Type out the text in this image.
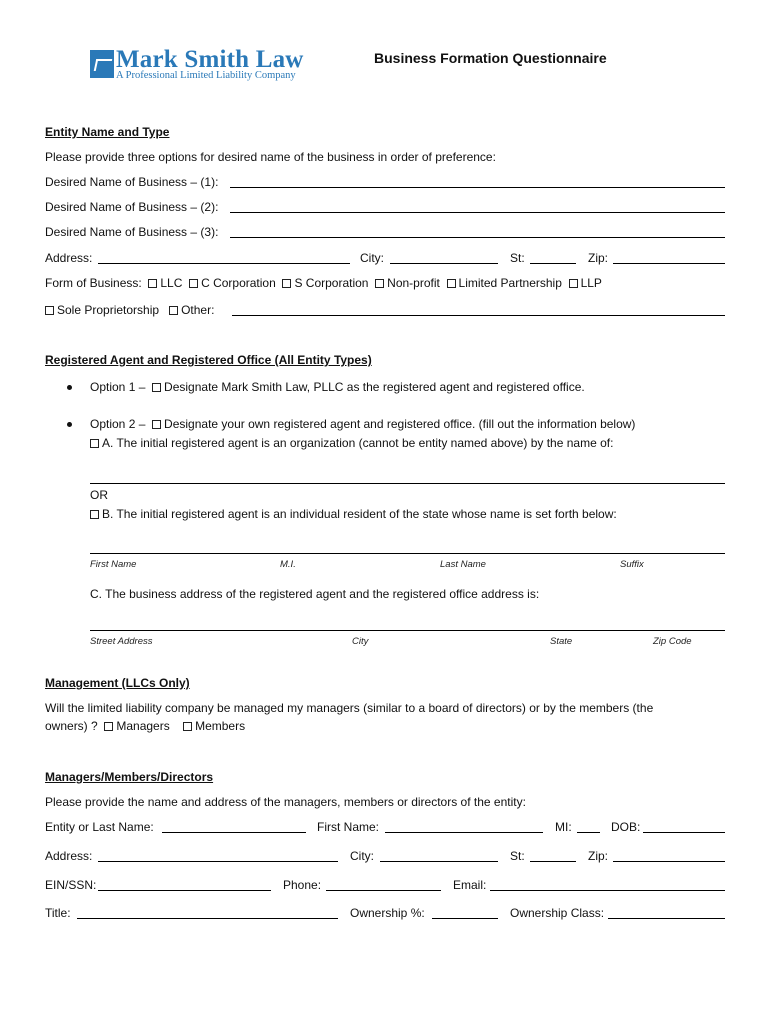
Mark Smith Law
A Professional Limited Liability Company
Business Formation Questionnaire
Entity Name and Type
Please provide three options for desired name of the business in order of preference:
Desired Name of Business – (1):
Desired Name of Business – (2):
Desired Name of Business – (3):
Address:	City:	St:	Zip:
Form of Business: LLC C Corporation S Corporation Non-profit Limited Partnership LLP
Sole Proprietorship Other:
Registered Agent and Registered Office (All Entity Types)
Option 1 – Designate Mark Smith Law, PLLC as the registered agent and registered office.
Option 2 – Designate your own registered agent and registered office. (fill out the information below)
A. The initial registered agent is an organization (cannot be entity named above) by the name of:
OR
B. The initial registered agent is an individual resident of the state whose name is set forth below:
First Name	M.I.	Last Name	Suffix
C. The business address of the registered agent and the registered office address is:
Street Address	City	State	Zip Code
Management (LLCs Only)
Will the limited liability company be managed my managers (similar to a board of directors) or by the members (the
owners) ? Managers Members
Managers/Members/Directors
Please provide the name and address of the managers, members or directors of the entity:
Entity or Last Name:	First Name:	MI:	DOB:
Address:	City:	St:	Zip:
EIN/SSN:	Phone:	Email:
Title:	Ownership %:	Ownership Class:
